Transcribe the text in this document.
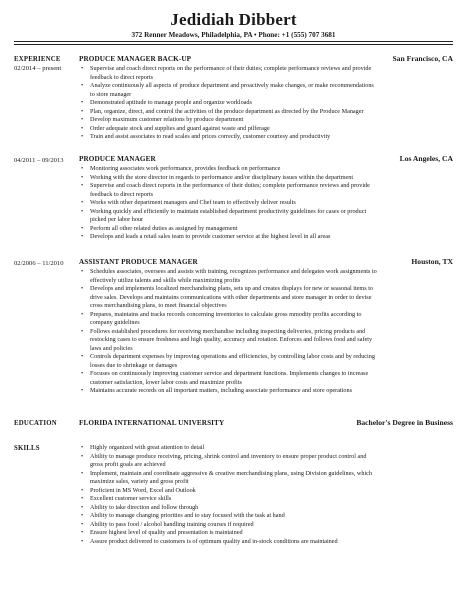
Jedidiah Dibbert
372 Renner Meadows, Philadelphia, PA • Phone: +1 (555) 707 3681
EXPERIENCE
02/2014 – present
PRODUCE MANAGER BACK-UP	San Francisco, CA
• Supervise and coach direct reports on the performance of their duties; complete performance reviews and provide
feedback to direct reports
• Analyze continuously all aspects of produce department and proactively make changes, or make recommendations
to store manager
• Demonstrated aptitude to manage people and organize workloads
• Plan, organize, direct, and control the activities of the produce department as directed by the Produce Manager
• Develop maximum customer relations by produce department
• Order adequate stock and supplies and guard against waste and pilferage
• Train and assist associates to read scales and prices correctly, customer courtesy and productivity
04/2011 – 09/2013	PRODUCE MANAGER	Los Angeles, CA
• Monitoring associates work performance, provides feedback on performance
• Working with the store director in regards to performance and/or disciplinary issues within the department
• Supervise and coach direct reports in the performance of their duties; complete performance reviews and provide
feedback to direct reports
• Works with other department managers and Chef team to effectively deliver results
• Working quickly and efficiently to maintain established department productivity guidelines for cases or product
picked per labor hour
• Perform all other related duties as assigned by management
• Develops and leads a retail sales team to provide customer service at the highest level in all areas
02/2006 – 11/2010	ASSISTANT PRODUCE MANAGER	Houston, TX
• Schedules associates, oversees and assists with training, recognizes performance and delegates work assignments to
effectively utilize talents and skills while maximizing profits
• Develops and implements localized merchandising plans, sets up and creates displays for new or seasonal items to
drive sales. Develops and maintains communications with other departments and store manager in order to devise
cross merchandising plans, to meet financial objectives
• Prepares, maintains and tracks records concerning inventories to calculate gross mmodity profits according to
company guidelines
• Follows established procedures for receiving merchandise including inspecting deliveries, pricing products and
restocking cases to ensure freshness and high quality, accuracy and rotation. Enforces and follows food and safety
laws and policies
• Controls department expenses by improving operations and efficiencies, by controlling labor costs and by reducing
losses due to shrinkage or damages
• Focuses on continuously improving customer service and department functions. Implements changes to increase
customer satisfaction, lower labor costs and maximize profits
• Maintains accurate records on all important matters, including associate performance and store operations
EDUCATION	FLORIDA INTERNATIONAL UNIVERSITY	Bachelor's Degree in Business
SKILLS	• Highly organized with great attention to detail
• Ability to manage produce receiving, pricing, shrink control and inventory to ensure proper product control and
gross profit goals are achieved
• Implement, maintain and coordinate aggressive & creative merchandising plans, using Division guidelines, which
maximize sales, variety and gross profit
• Proficient in MS Word, Excel and Outlook
• Excellent customer service skills
• Ability to take direction and follow through
• Ability to manage changing priorities and to stay focused with the task at hand
• Ability to pass food / alcohol handling training courses if required
• Ensure highest level of quality and presentation is maintained
• Assure product delivered to customers is of optimum quality and in-stock conditions are maintained
